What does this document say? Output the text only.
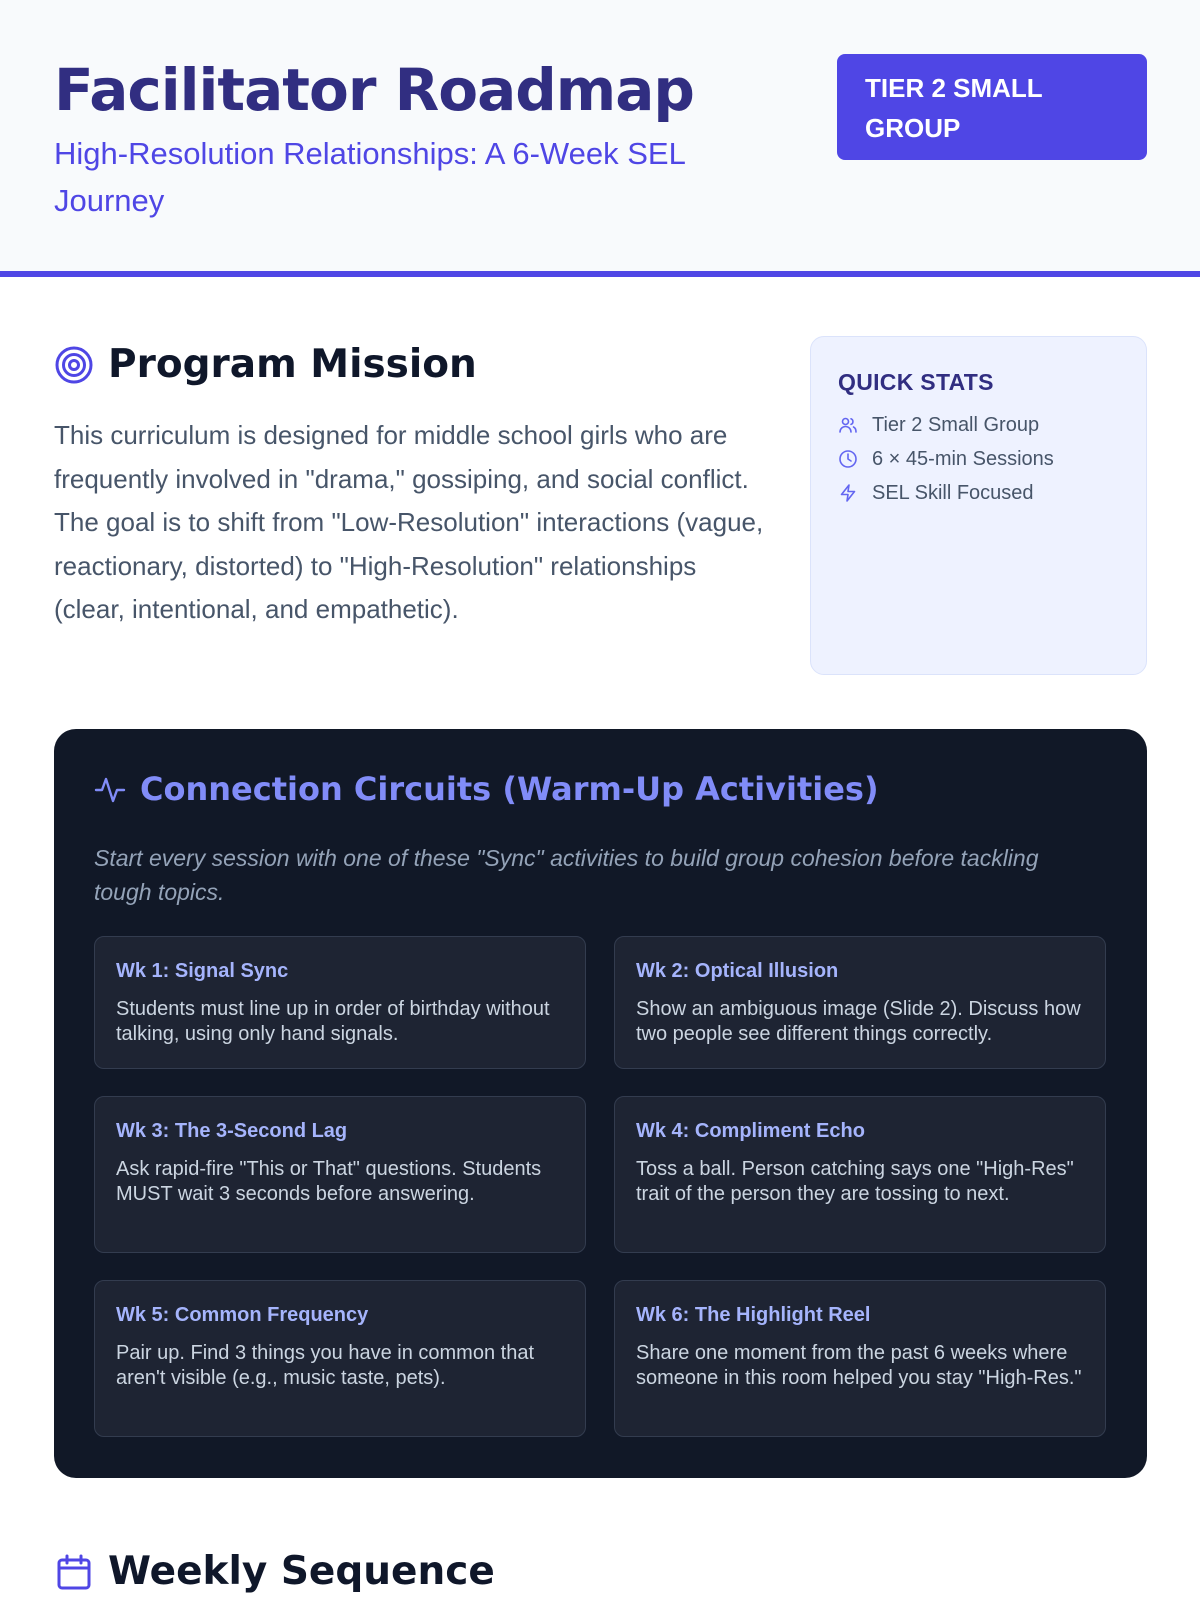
Facilitator Roadmap
High-Resolution Relationships: A 6-Week SEL Journey
TIER 2 SMALL GROUP
Program Mission
This curriculum is designed for middle school girls who are frequently involved in "drama," gossiping, and social conflict. The goal is to shift from "Low-Resolution" interactions (vague, reactionary, distorted) to "High-Resolution" relationships (clear, intentional, and empathetic).
QUICK STATS
Tier 2 Small Group
6 × 45-min Sessions
SEL Skill Focused
Connection Circuits (Warm-Up Activities)
Start every session with one of these "Sync" activities to build group cohesion before tackling tough topics.
Wk 1: Signal Sync
Students must line up in order of birthday without talking, using only hand signals.
Wk 2: Optical Illusion
Show an ambiguous image (Slide 2). Discuss how two people see different things correctly.
Wk 3: The 3-Second Lag
Ask rapid-fire "This or That" questions. Students MUST wait 3 seconds before answering.
Wk 4: Compliment Echo
Toss a ball. Person catching says one "High-Res" trait of the person they are tossing to next.
Wk 5: Common Frequency
Pair up. Find 3 things you have in common that aren't visible (e.g., music taste, pets).
Wk 6: The Highlight Reel
Share one moment from the past 6 weeks where someone in this room helped you stay "High-Res."
Weekly Sequence
